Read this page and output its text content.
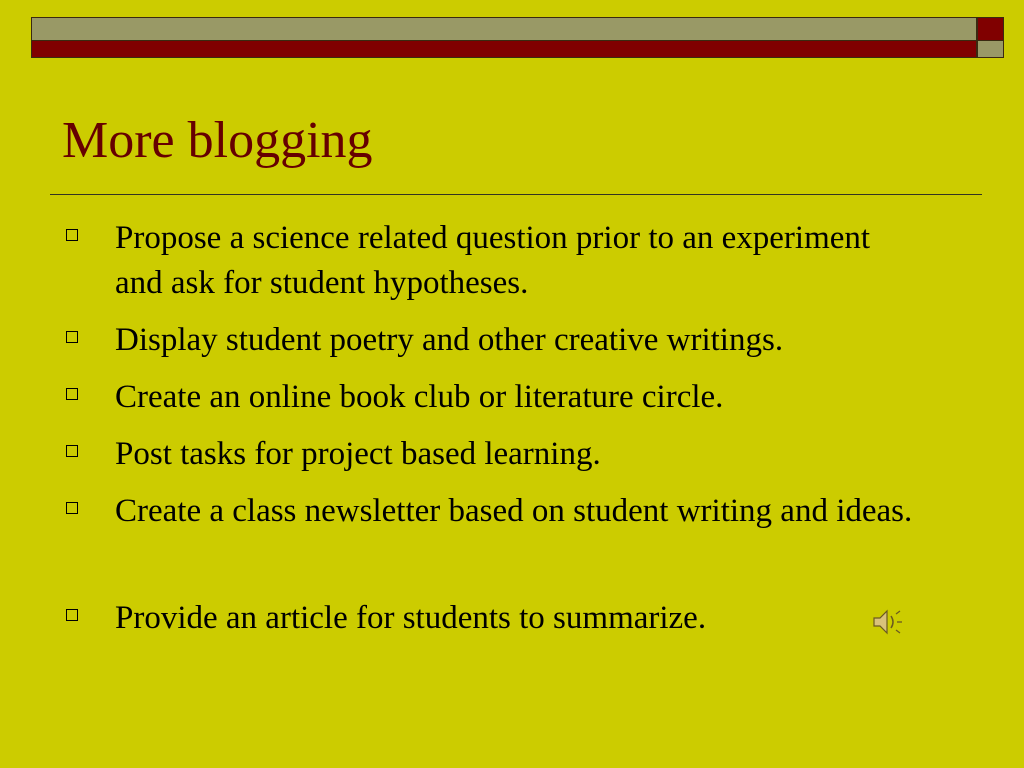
More blogging
Propose a science related question prior to an experiment and ask for student hypotheses.
Display student poetry and other creative writings.
Create an online book club or literature circle.
Post tasks for project based learning.
Create a class newsletter based on student writing and ideas.
Provide an article for students to summarize.
